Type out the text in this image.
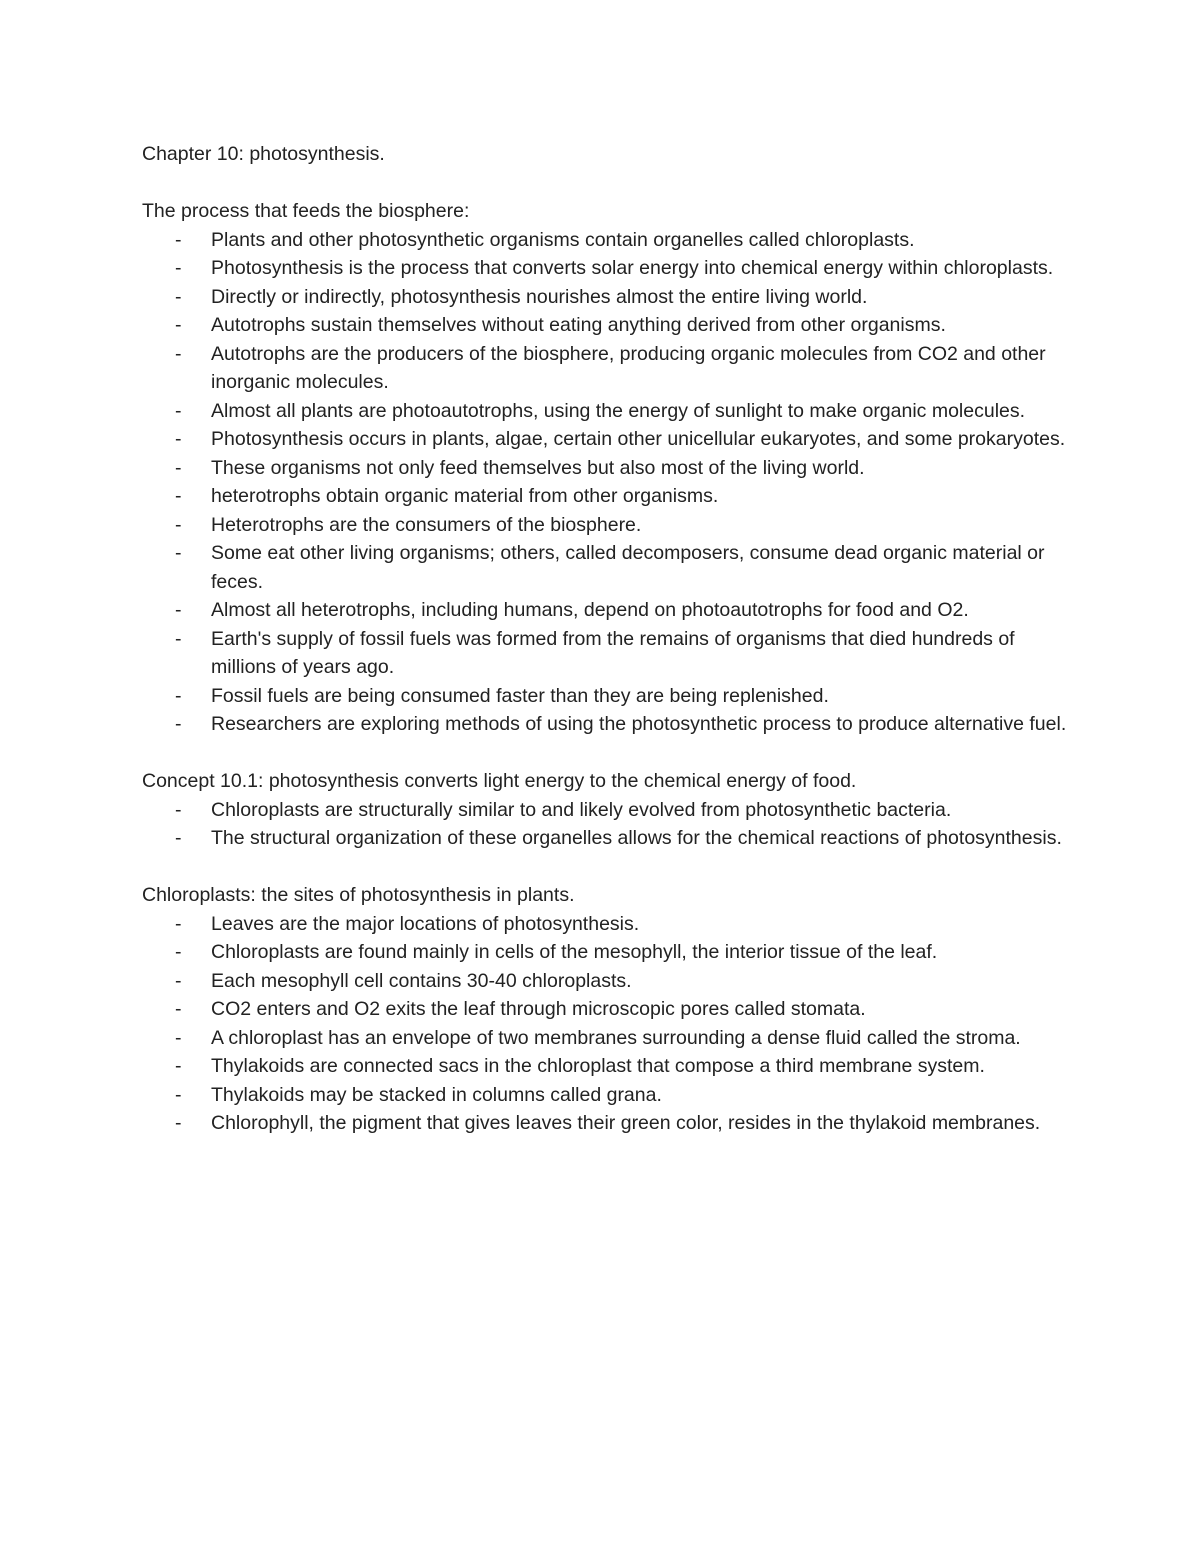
Chapter 10: photosynthesis.
The process that feeds the biosphere:
- Plants and other photosynthetic organisms contain organelles called chloroplasts.
- Photosynthesis is the process that converts solar energy into chemical energy within chloroplasts.
- Directly or indirectly, photosynthesis nourishes almost the entire living world.
- Autotrophs sustain themselves without eating anything derived from other organisms.
- Autotrophs are the producers of the biosphere, producing organic molecules from CO2 and other inorganic molecules.
- Almost all plants are photoautotrophs, using the energy of sunlight to make organic molecules.
- Photosynthesis occurs in plants, algae, certain other unicellular eukaryotes, and some prokaryotes.
- These organisms not only feed themselves but also most of the living world.
- heterotrophs obtain organic material from other organisms.
- Heterotrophs are the consumers of the biosphere.
- Some eat other living organisms; others, called decomposers, consume dead organic material or feces.
- Almost all heterotrophs, including humans, depend on photoautotrophs for food and O2.
- Earth's supply of fossil fuels was formed from the remains of organisms that died hundreds of millions of years ago.
- Fossil fuels are being consumed faster than they are being replenished.
- Researchers are exploring methods of using the photosynthetic process to produce alternative fuel.
Concept 10.1: photosynthesis converts light energy to the chemical energy of food.
- Chloroplasts are structurally similar to and likely evolved from photosynthetic bacteria.
- The structural organization of these organelles allows for the chemical reactions of photosynthesis.
Chloroplasts: the sites of photosynthesis in plants.
- Leaves are the major locations of photosynthesis.
- Chloroplasts are found mainly in cells of the mesophyll, the interior tissue of the leaf.
- Each mesophyll cell contains 30-40 chloroplasts.
- CO2 enters and O2 exits the leaf through microscopic pores called stomata.
- A chloroplast has an envelope of two membranes surrounding a dense fluid called the stroma.
- Thylakoids are connected sacs in the chloroplast that compose a third membrane system.
- Thylakoids may be stacked in columns called grana.
- Chlorophyll, the pigment that gives leaves their green color, resides in the thylakoid membranes.
